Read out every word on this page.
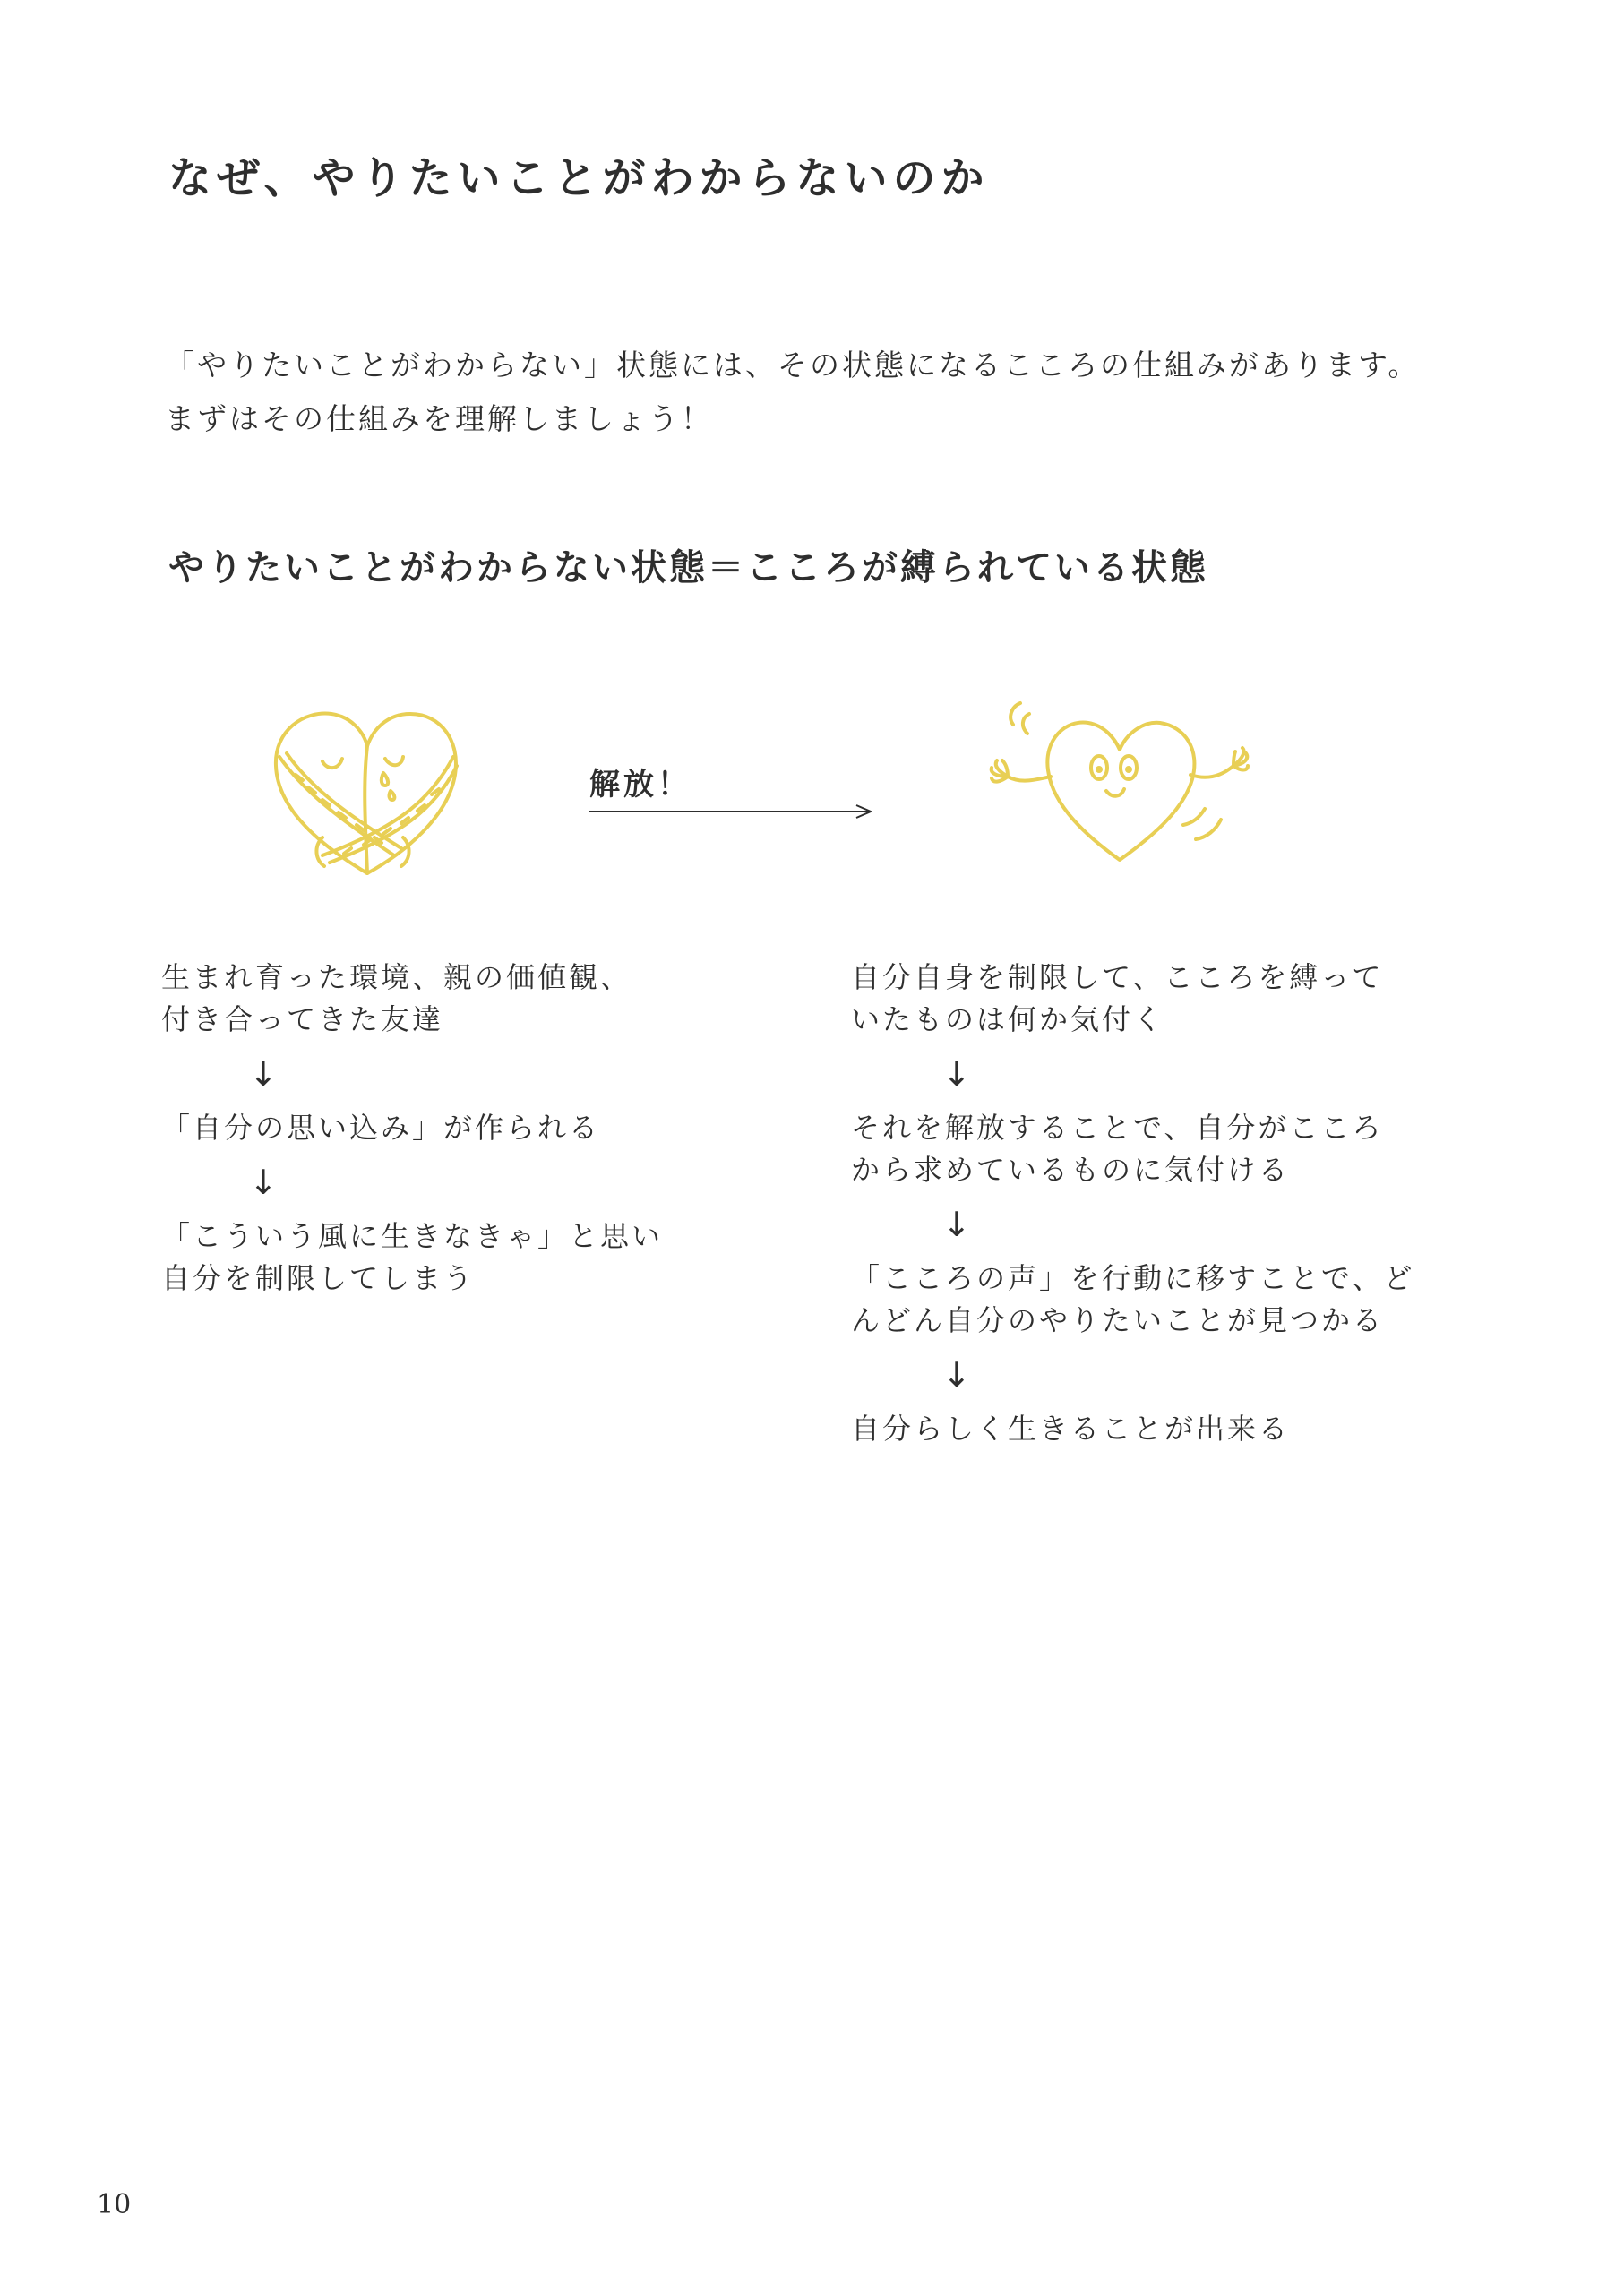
なぜ、やりたいことがわからないのか

「やりたいことがわからない」状態には、その状態になるこころの仕組みがあります。

まずはその仕組みを理解しましょう！

やりたいことがわからない状態＝こころが縛られている状態
解放！
生まれ育った環境、親の価値観、
付き合ってきた友達
↓
「自分の思い込み」が作られる
↓
「こういう風に生きなきゃ」と思い
自分を制限してしまう
自分自身を制限して、こころを縛って
いたものは何か気付く
↓
それを解放することで、自分がこころ
から求めているものに気付ける
↓
「こころの声」を行動に移すことで、ど
んどん自分のやりたいことが見つかる
↓
自分らしく生きることが出来る
10
